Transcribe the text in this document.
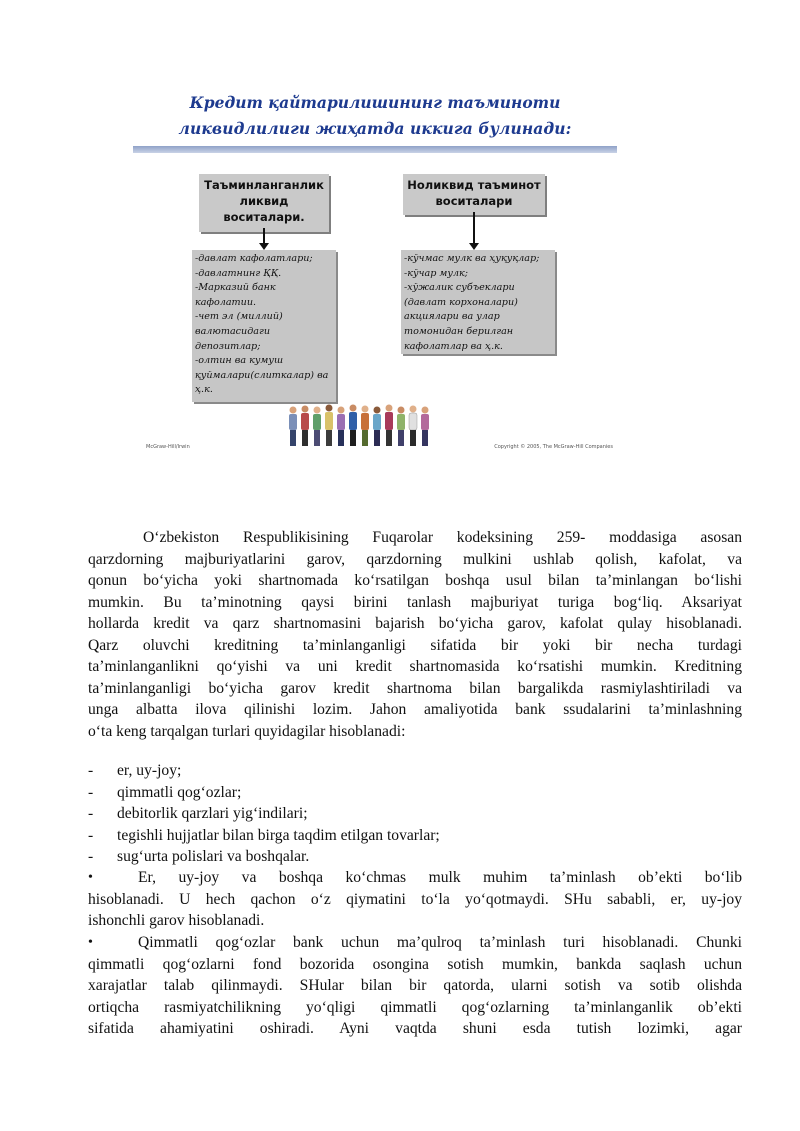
Кредит қайтарилишининг таъминоти
ликвидлилиги жиҳатда иккига булинади:
Таъминланганлик
ликвид
воситалари.
-давлат кафолатлари;
-давлатнинг ҚҚ.
-Марказий банк
кафолатии.
-чет эл (миллий)
валютасидаги
депозитлар;
-олтин ва кумуш
қуймалари(слиткалар) ва
ҳ.к.
Ноликвид таъминот
воситалари
-кўчмас мулк ва ҳуқуқлар;
-кўчар мулк;
-хўжалик субъеклари
(давлат корхоналари)
акциялари ва улар
томонидан берилган
кафолатлар ва ҳ.к.
McGraw-Hill/Irwin	Copyright © 2005, The McGraw-Hill Companies
O‘zbekiston Respublikisining Fuqarolar kodeksining 259- moddasiga asosan
qarzdorning majburiyatlarini garov, qarzdorning mulkini ushlab qolish, kafolat, va
qonun bo‘yicha yoki shartnomada ko‘rsatilgan boshqa usul bilan ta’minlangan bo‘lishi
mumkin. Bu ta’minotning qaysi birini tanlash majburiyat turiga bog‘liq. Aksariyat
hollarda kredit va qarz shartnomasini bajarish bo‘yicha garov, kafolat qulay hisoblanadi.
Qarz oluvchi kreditning ta’minlanganligi sifatida bir yoki bir necha turdagi
ta’minlanganlikni qo‘yishi va uni kredit shartnomasida ko‘rsatishi mumkin. Kreditning
ta’minlanganligi bo‘yicha garov kredit shartnoma bilan bargalikda rasmiylashtiriladi va
unga albatta ilova qilinishi lozim. Jahon amaliyotida bank ssudalarini ta’minlashning
o‘ta keng tarqalgan turlari quyidagilar hisoblanadi:
- er, uy-joy;
- qimmatli qog‘ozlar;
- debitorlik qarzlari yig‘indilari;
- tegishli hujjatlar bilan birga taqdim etilgan tovarlar;
- sug‘urta polislari va boshqalar.
•	Er, uy-joy va boshqa ko‘chmas mulk muhim ta’minlash ob’ekti bo‘lib
hisoblanadi. U hech qachon o‘z qiymatini to‘la yo‘qotmaydi. SHu sababli, er, uy-joy
ishonchli garov hisoblanadi.
•	Qimmatli qog‘ozlar bank uchun ma’qulroq ta’minlash turi hisoblanadi. Chunki
qimmatli qog‘ozlarni fond bozorida osongina sotish mumkin, bankda saqlash uchun
xarajatlar talab qilinmaydi. SHular bilan bir qatorda, ularni sotish va sotib olishda
ortiqcha rasmiyatchilikning yo‘qligi qimmatli qog‘ozlarning ta’minlanganlik ob’ekti
sifatida ahamiyatini oshiradi. Ayni vaqtda shuni esda tutish lozimki, agar
